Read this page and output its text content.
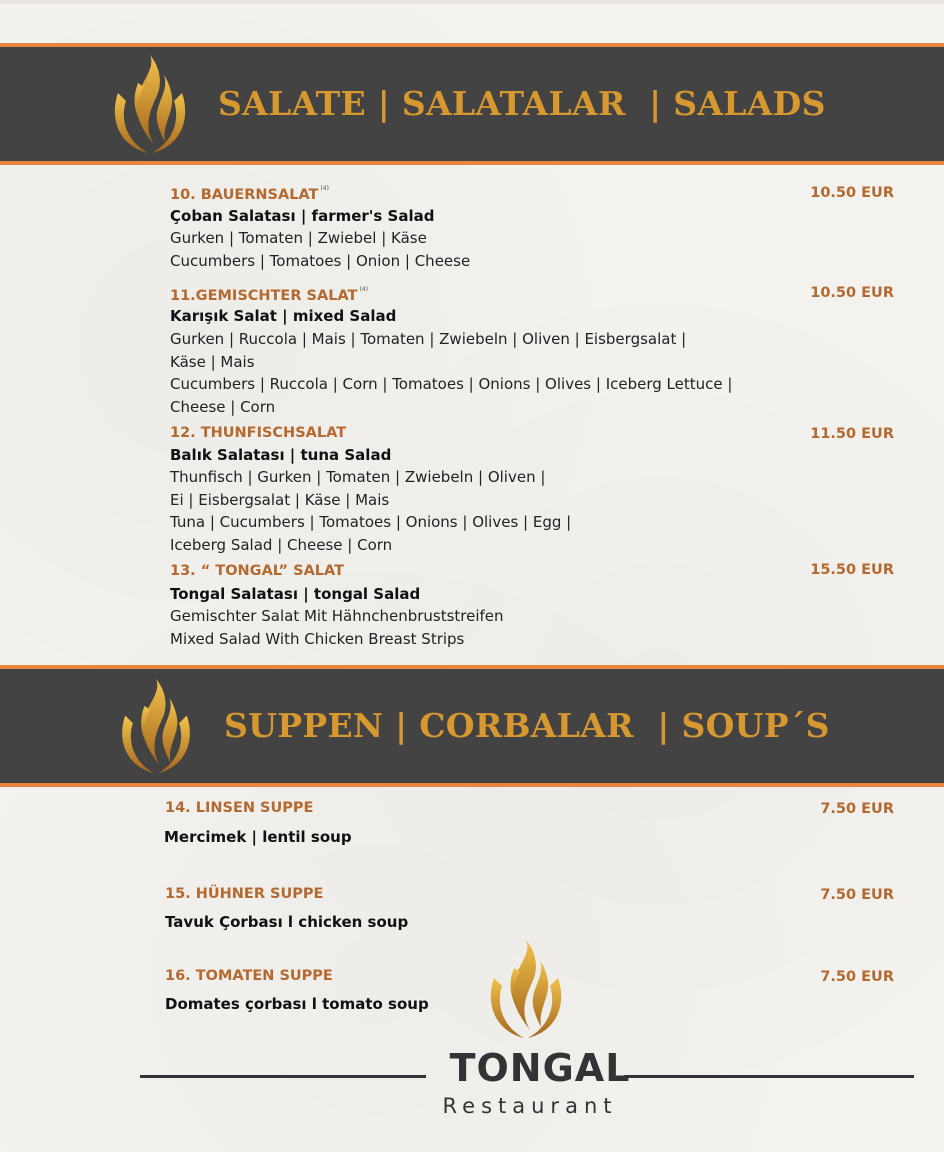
SALATE | SALATALAR  | SALADS
10. BAUERNSALAT $^{(4)}$	10.50 EUR
Çoban Salatası | farmer's Salad
Gurken | Tomaten | Zwiebel | Käse
Cucumbers | Tomatoes | Onion | Cheese
11.GEMISCHTER SALAT $^{(4)}$	10.50 EUR
Karışık Salat | mixed Salad
Gurken | Ruccola | Mais | Tomaten | Zwiebeln | Oliven | Eisbergsalat |
Käse | Mais
Cucumbers | Ruccola | Corn | Tomatoes | Onions | Olives | Iceberg Lettuce |
Cheese | Corn
12. THUNFISCHSALAT	11.50 EUR
Balık Salatası | tuna Salad
Thunfisch | Gurken | Tomaten | Zwiebeln | Oliven |
Ei | Eisbergsalat | Käse | Mais
Tuna | Cucumbers | Tomatoes | Onions | Olives | Egg |
Iceberg Salad | Cheese | Corn
13. “ TONGAL” SALAT	15.50 EUR
Tongal Salatası | tongal Salad
Gemischter Salat Mit Hähnchenbruststreifen
Mixed Salad With Chicken Breast Strips
SUPPEN | CORBALAR  | SOUP´S
14. LINSEN SUPPE	7.50 EUR
Mercimek | lentil soup
15. HÜHNER SUPPE	7.50 EUR
Tavuk Çorbası l chicken soup
16. TOMATEN SUPPE	7.50 EUR
Domates çorbası l tomato soup
TONGAL
Restaurant
